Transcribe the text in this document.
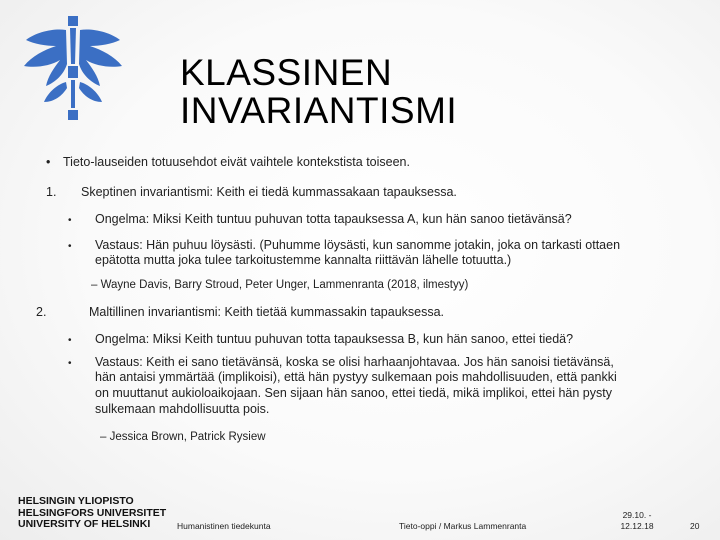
KLASSINEN
INVARIANTISMI
• Tieto-lauseiden totuusehdot eivät vaihtele kontekstista toiseen.
1. Skeptinen invariantismi: Keith ei tiedä kummassakaan tapauksessa.
• Ongelma: Miksi Keith tuntuu puhuvan totta tapauksessa A, kun hän sanoo tietävänsä?
• Vastaus: Hän puhuu löysästi. (Puhumme löysästi, kun sanomme jotakin, joka on tarkasti ottaen
epätotta mutta joka tulee tarkoitustemme kannalta riittävän lähelle totuutta.)
– Wayne Davis, Barry Stroud, Peter Unger, Lammenranta (2018, ilmestyy)
2.	Maltillinen invariantismi: Keith tietää kummassakin tapauksessa.
• Ongelma: Miksi Keith tuntuu puhuvan totta tapauksessa B, kun hän sanoo, ettei tiedä?
• Vastaus: Keith ei sano tietävänsä, koska se olisi harhaanjohtavaa. Jos hän sanoisi tietävänsä,
hän antaisi ymmärtää (implikoisi), että hän pystyy sulkemaan pois mahdollisuuden, että pankki
on muuttanut aukioloaikojaan. Sen sijaan hän sanoo, ettei tiedä, mikä implikoi, ettei hän pysty
sulkemaan mahdollisuutta pois.
– Jessica Brown, Patrick Rysiew
HELSINGIN YLIOPISTO
HELSINGFORS UNIVERSITET
UNIVERSITY OF HELSINKI	Humanistinen tiedekunta	Tieto-oppi / Markus Lammenranta
29.10. -
12.12.18	20
